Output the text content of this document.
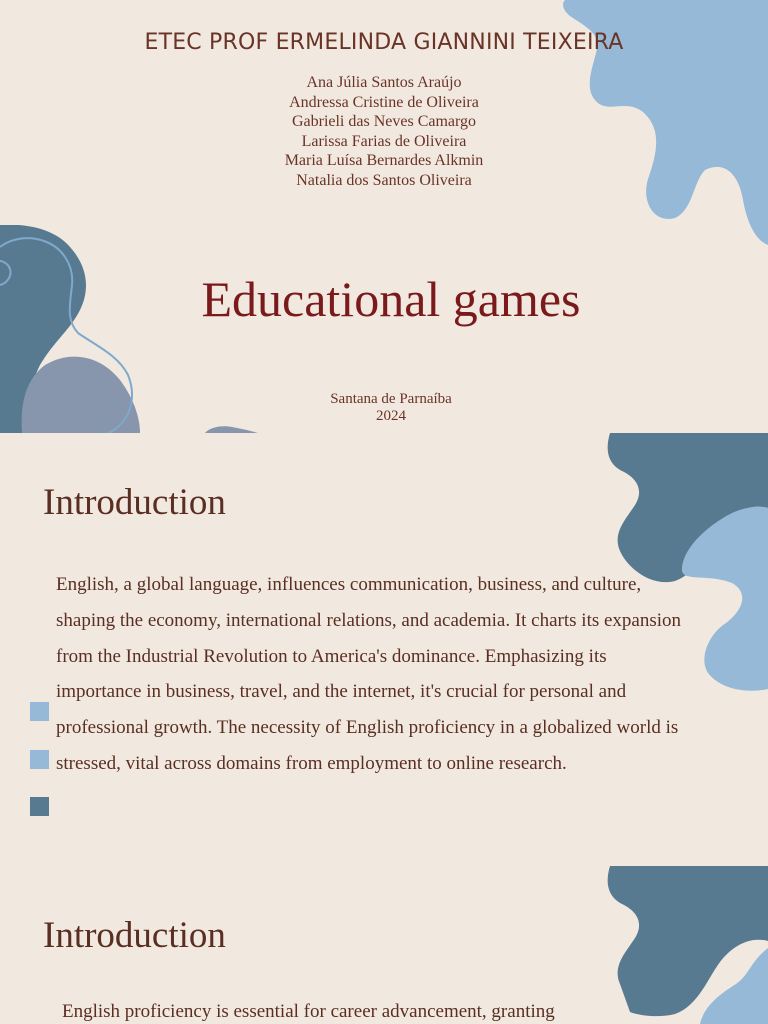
ETEC PROF ERMELINDA GIANNINI TEIXEIRA
Ana Júlia Santos Araújo
Andressa Cristine de Oliveira
Gabrieli das Neves Camargo
Larissa Farias de Oliveira
Maria Luísa Bernardes Alkmin
Natalia dos Santos Oliveira
Educational games
Santana de Parnaíba
2024
Introduction

English, a global language, influences communication, business, and culture, shaping the economy, international relations, and academia. It charts its expansion from the Industrial Revolution to America's dominance. Emphasizing its importance in business, travel, and the internet, it's crucial for personal and professional growth. The necessity of English proficiency in a globalized world is stressed, vital across domains from employment to online research.

Introduction

English proficiency is essential for career advancement, granting
